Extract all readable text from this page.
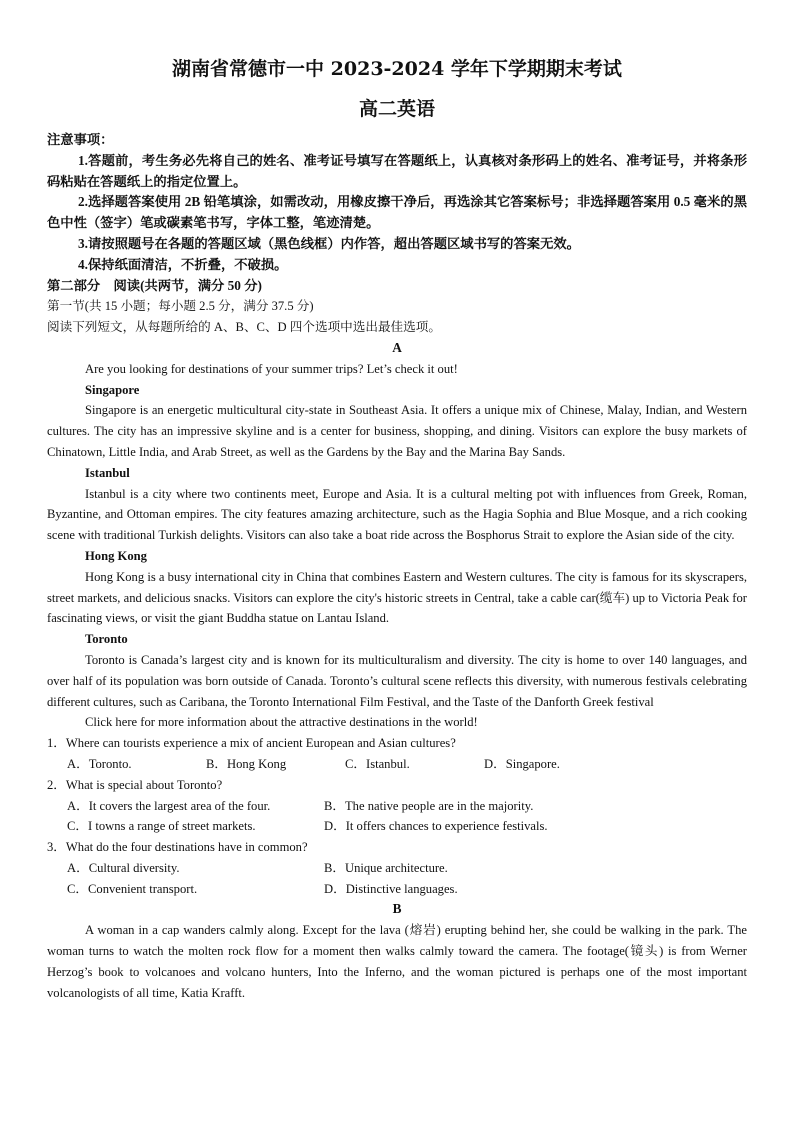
湖南省常德市一中 2023-2024 学年下学期期末考试
高二英语
注意事项：
1.答题前，考生务必先将自己的姓名、准考证号填写在答题纸上，认真核对条形码上的姓名、准考证号，并将条形码粘贴在答题纸上的指定位置上。
2.选择题答案使用 2B 铅笔填涂，如需改动，用橡皮擦干净后，再选涂其它答案标号；非选择题答案用 0.5 毫米的黑色中性（签字）笔或碳素笔书写，字体工整，笔迹清楚。
3.请按照题号在各题的答题区域（黑色线框）内作答，超出答题区域书写的答案无效。
4.保持纸面清洁，不折叠，不破损。
第二部分　阅读(共两节，满分 50 分)
第一节(共 15 小题；每小题 2.5 分，满分 37.5 分)
阅读下列短文，从每题所给的 A、B、C、D 四个选项中选出最佳选项。
A
Are you looking for destinations of your summer trips? Let’s check it out!
Singapore
Singapore is an energetic multicultural city-state in Southeast Asia. It offers a unique mix of Chinese, Malay, Indian, and Western cultures. The city has an impressive skyline and is a center for business, shopping, and dining. Visitors can explore the busy markets of Chinatown, Little India, and Arab Street, as well as the Gardens by the Bay and the Marina Bay Sands.
Istanbul
Istanbul is a city where two continents meet, Europe and Asia. It is a cultural melting pot with influences from Greek, Roman, Byzantine, and Ottoman empires. The city features amazing architecture, such as the Hagia Sophia and Blue Mosque, and a rich cooking scene with traditional Turkish delights. Visitors can also take a boat ride across the Bosphorus Strait to explore the Asian side of the city.
Hong Kong
Hong Kong is a busy international city in China that combines Eastern and Western cultures. The city is famous for its skyscrapers, street markets, and delicious snacks. Visitors can explore the city's historic streets in Central, take a cable car(缆车) up to Victoria Peak for fascinating views, or visit the giant Buddha statue on Lantau Island.
Toronto
Toronto is Canada’s largest city and is known for its multiculturalism and diversity. The city is home to over 140 languages, and over half of its population was born outside of Canada. Toronto’s cultural scene reflects this diversity, with numerous festivals celebrating different cultures, such as Caribana, the Toronto International Film Festival, and the Taste of the Danforth Greek festival
Click here for more information about the attractive destinations in the world!
1．Where can tourists experience a mix of ancient European and Asian cultures?
A．Toronto.	B．Hong Kong	C．Istanbul.	D．Singapore.
2．What is special about Toronto?
A．It covers the largest area of the four.	B．The native people are in the majority.
C．I towns a range of street markets.	D．It offers chances to experience festivals.
3．What do the four destinations have in common?
A．Cultural diversity.	B．Unique architecture.
C．Convenient transport.	D．Distinctive languages.
B
A woman in a cap wanders calmly along. Except for the lava (熔岩) erupting behind her, she could be walking in the park. The woman turns to watch the molten rock flow for a moment then walks calmly toward the camera. The footage(镜头) is from Werner Herzog’s book to volcanoes and volcano hunters, Into the Inferno, and the woman pictured is perhaps one of the most important volcanologists of all time, Katia Krafft.
